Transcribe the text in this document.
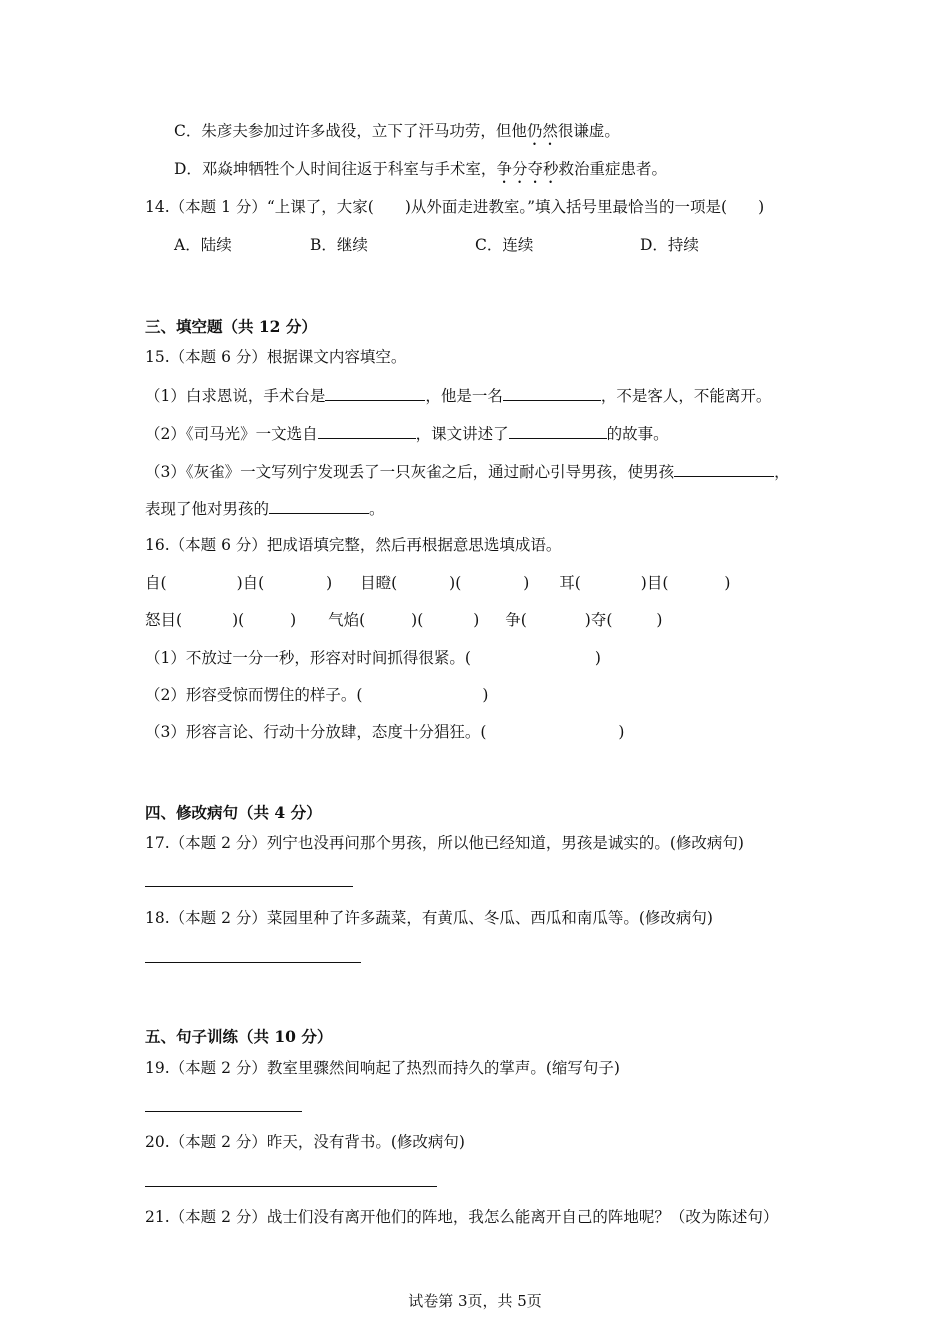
C．朱彦夫参加过许多战役，立下了汗马功劳，但他仍然很谦虚。
D．邓焱坤牺牲个人时间往返于科室与手术室，争分夺秒救治重症患者。
14.（本题 1 分）“上课了，大家(　　)从外面走进教室。”填入括号里最恰当的一项是(　　)
A．陆续	B．继续	C．连续	D．持续
三、填空题（共 12 分）
15.（本题 6 分）根据课文内容填空。
（1）白求恩说，手术台是	，他是一名	，不是客人，不能离开。
（2）《司马光》一文选自	，课文讲述了	的故事。
（3）《灰雀》一文写列宁发现丢了一只灰雀之后，通过耐心引导男孩，使男孩	，
表现了他对男孩的	。
16.（本题 6 分）把成语填完整，然后再根据意思选填成语。
自(	)自(	) 目瞪(	)(	) 耳(	)目(	)
怒目(	)(	) 气焰(	)(	) 争(	)夺(	)
（1）不放过一分一秒，形容对时间抓得很紧。(	)
（2）形容受惊而愣住的样子。(	)
（3）形容言论、行动十分放肆，态度十分猖狂。(	)
四、修改病句（共 4 分）
17.（本题 2 分）列宁也没再问那个男孩，所以他已经知道，男孩是诚实的。(修改病句)
18.（本题 2 分）菜园里种了许多蔬菜，有黄瓜、冬瓜、西瓜和南瓜等。(修改病句)
五、句子训练（共 10 分）
19.（本题 2 分）教室里骤然间响起了热烈而持久的掌声。(缩写句子)
20.（本题 2 分）昨天，没有背书。(修改病句)
21.（本题 2 分）战士们没有离开他们的阵地，我怎么能离开自己的阵地呢？（改为陈述句）
试卷第 3页，共 5页
